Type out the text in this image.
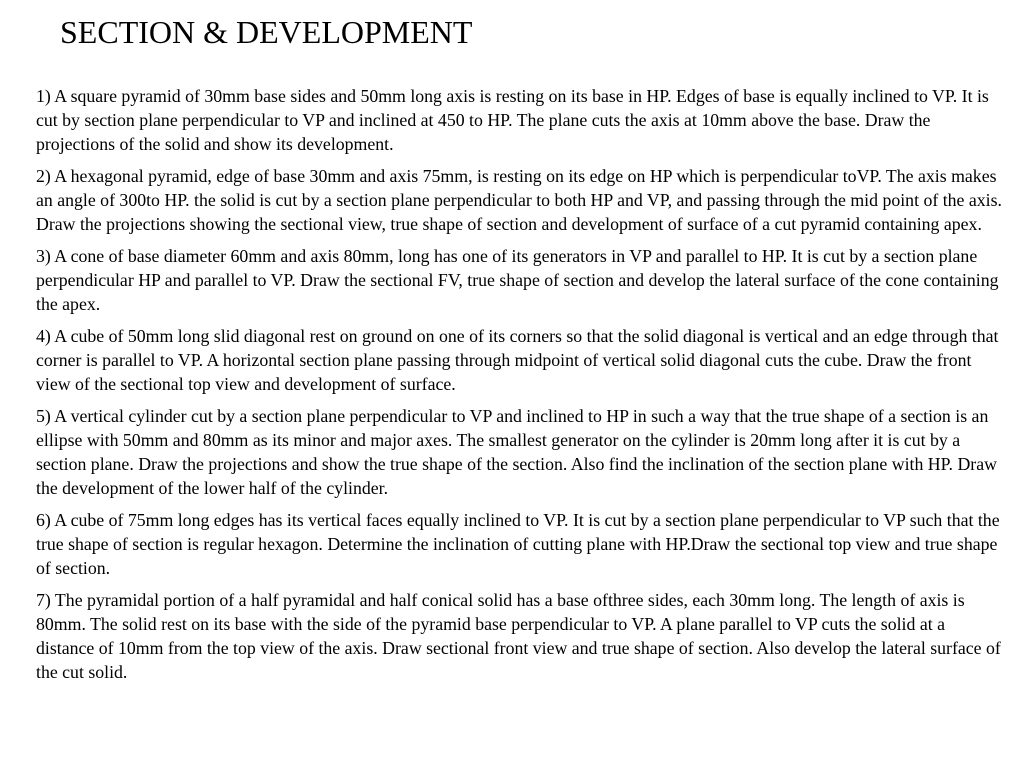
SECTION & DEVELOPMENT
1) A square pyramid of 30mm base sides and 50mm long axis is resting on its base in HP. Edges of base is equally inclined to VP. It is cut by section plane perpendicular to VP and inclined at 450 to HP. The plane cuts the axis at 10mm above the base. Draw the projections of the solid and show its development.
2) A hexagonal pyramid, edge of base 30mm and axis 75mm, is resting on its edge on HP which is perpendicular toVP. The axis makes an angle of 300to HP. the solid is cut by a section plane perpendicular to both HP and VP, and passing through the mid point of the axis. Draw the projections showing the sectional view, true shape of section and development of surface of a cut pyramid containing apex.
3) A cone of base diameter 60mm and axis 80mm, long has one of its generators in VP and parallel to HP. It is cut by a section plane perpendicular HP and parallel to VP. Draw the sectional FV, true shape of section and develop the lateral surface of the cone containing the apex.
4) A cube of 50mm long slid diagonal rest on ground on one of its corners so that the solid diagonal is vertical and an edge through that corner is parallel to VP. A horizontal section plane passing through midpoint of vertical solid diagonal cuts the cube. Draw the front view of the sectional top view and development of surface.
5) A vertical cylinder cut by a section plane perpendicular to VP and inclined to HP in such a way that the true shape of a section is an ellipse with 50mm and 80mm as its minor and major axes. The smallest generator on the cylinder is 20mm long after it is cut by a section plane. Draw the projections and show the true shape of the section. Also find the inclination of the section plane with HP. Draw the development of the lower half of the cylinder.
6) A cube of 75mm long edges has its vertical faces equally inclined to VP. It is cut by a section plane perpendicular to VP such that the true shape of section is regular hexagon. Determine the inclination of cutting plane with HP.Draw the sectional top view and true shape of section.
7) The pyramidal portion of a half pyramidal and half conical solid has a base ofthree sides, each 30mm long. The length of axis is 80mm. The solid rest on its base with the side of the pyramid base perpendicular to VP. A plane parallel to VP cuts the solid at a distance of 10mm from the top view of the axis. Draw sectional front view and true shape of section. Also develop the lateral surface of the cut solid.
